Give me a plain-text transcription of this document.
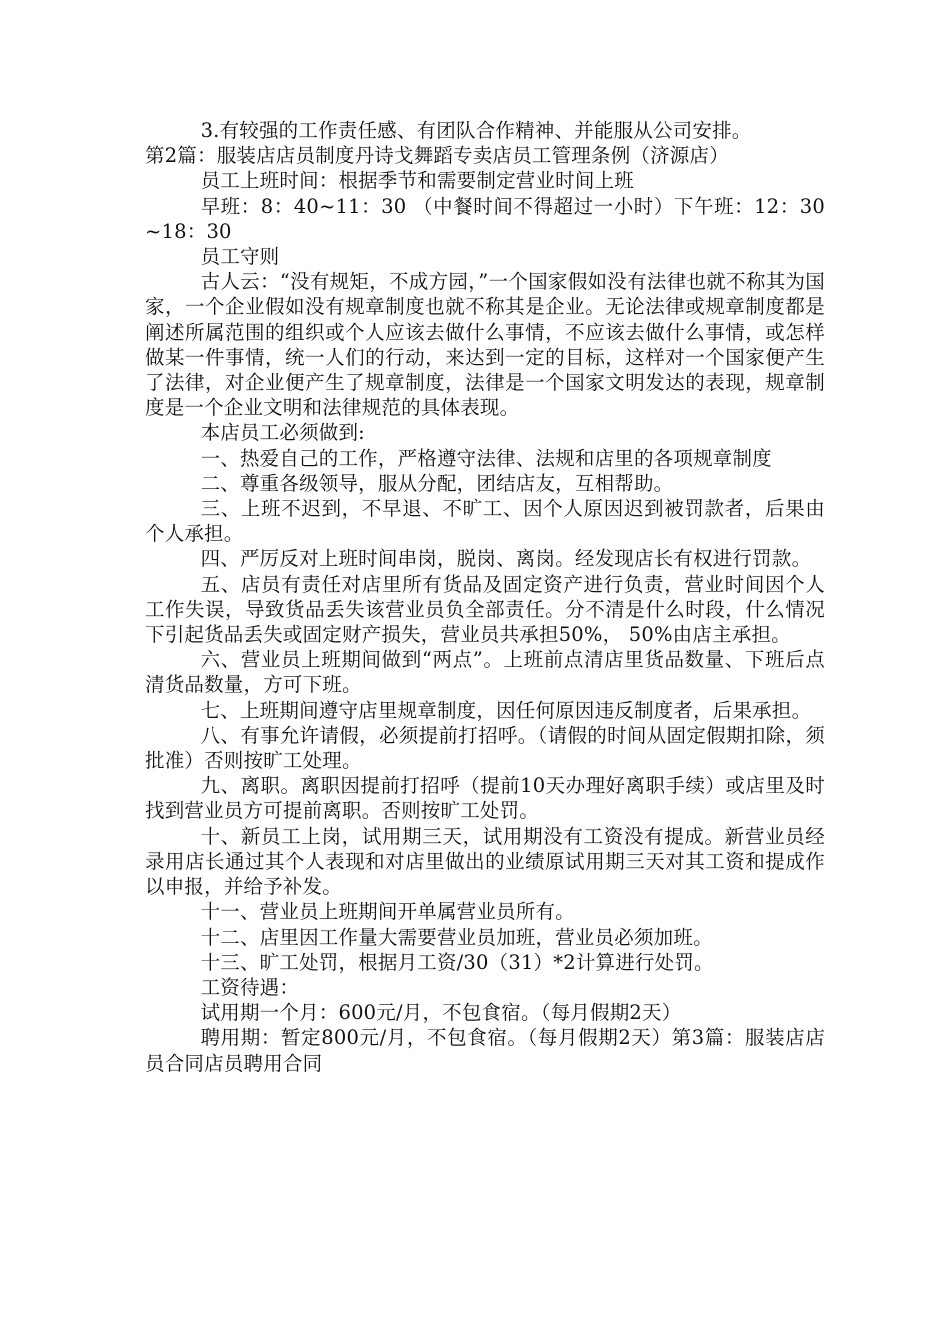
3.有较强的工作责任感、有团队合作精神、并能服从公司安排。

第2篇：服装店店员制度丹诗戈舞蹈专卖店员工管理条例（济源店）

员工上班时间：根据季节和需要制定营业时间上班

早班：8：40~11：30 （中餐时间不得超过一小时）下午班：12：30~18：30

员工守则

古人云：“没有规矩，不成方园，”一个国家假如没有法律也就不称其为国家，一个企业假如没有规章制度也就不称其是企业。无论法律或规章制度都是阐述所属范围的组织或个人应该去做什么事情，不应该去做什么事情，或怎样做某一件事情，统一人们的行动，来达到一定的目标，这样对一个国家便产生了法律，对企业便产生了规章制度，法律是一个国家文明发达的表现，规章制度是一个企业文明和法律规范的具体表现。

本店员工必须做到:

一、热爱自己的工作，严格遵守法律、法规和店里的各项规章制度

二、尊重各级领导，服从分配，团结店友，互相帮助。

三、上班不迟到，不早退、不旷工、因个人原因迟到被罚款者，后果由个人承担。

四、严厉反对上班时间串岗，脱岗、离岗。经发现店长有权进行罚款。

五、店员有责任对店里所有货品及固定资产进行负责，营业时间因个人工作失误，导致货品丢失该营业员负全部责任。分不清是什么时段，什么情况下引起货品丢失或固定财产损失，营业员共承担50%， 50%由店主承担。

六、营业员上班期间做到“两点”。上班前点清店里货品数量、下班后点清货品数量，方可下班。

七、上班期间遵守店里规章制度，因任何原因违反制度者，后果承担。

八、有事允许请假，必须提前打招呼。（请假的时间从固定假期扣除，须批准）否则按旷工处理。

九、离职。离职因提前打招呼（提前10天办理好离职手续）或店里及时找到营业员方可提前离职。否则按旷工处罚。

十、新员工上岗，试用期三天，试用期没有工资没有提成。新营业员经录用店长通过其个人表现和对店里做出的业绩原试用期三天对其工资和提成作以申报，并给予补发。

十一、营业员上班期间开单属营业员所有。

十二、店里因工作量大需要营业员加班，营业员必须加班。

十三、旷工处罚，根据月工资/30（31）*2计算进行处罚。

工资待遇：

试用期一个月：600元/月，不包食宿。（每月假期2天）

聘用期：暂定800元/月，不包食宿。（每月假期2天）第3篇：服装店店员合同店员聘用合同
